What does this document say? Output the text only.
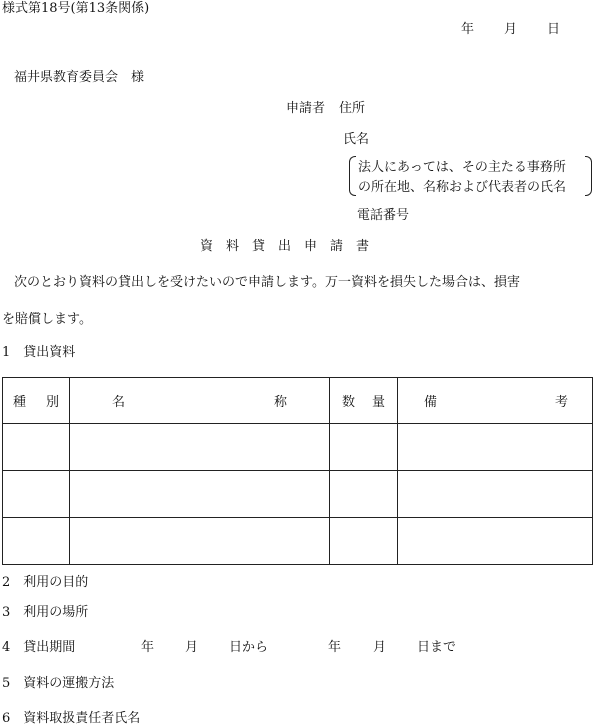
様式第18号(第13条関係)
年 月 日
福井県教育委員会　様
申請者 住所
氏名
法人にあっては、その主たる事務所
の所在地、名称および代表者の氏名
電話番号
資　料　貸　出　申　請　書
次のとおり資料の貸出しを受けたいので申請します。万一資料を損失した場合は、損害
を賠償します。
1　貸出資料
種 別	名 称	数 量	備 考

2　利用の目的
3　利用の場所
4　貸出期間	年 月 日から	年 月 日まで
5　資料の運搬方法
6　資料取扱責任者氏名
